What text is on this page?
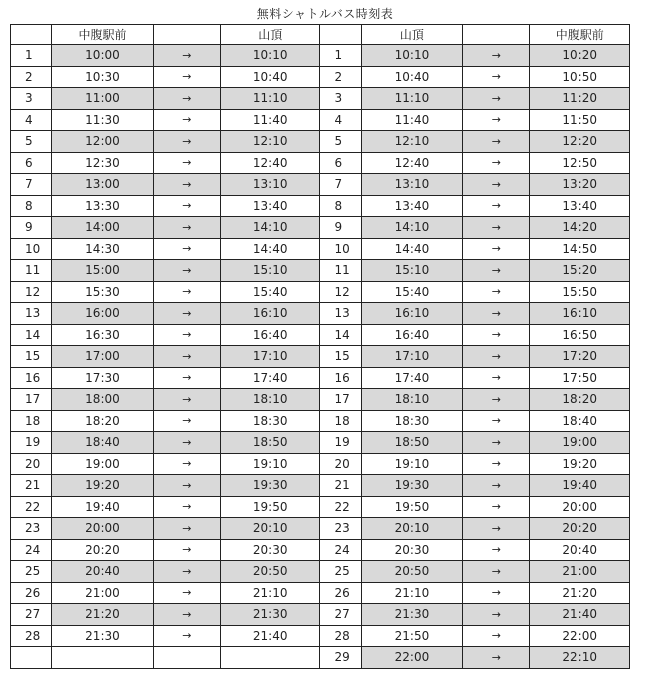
無料シャトルバス時刻表
	中腹駅前		山頂		山頂		中腹駅前
1	10:00	→	10:10	1	10:10	→	10:20
2	10:30	→	10:40	2	10:40	→	10:50
3	11:00	→	11:10	3	11:10	→	11:20
4	11:30	→	11:40	4	11:40	→	11:50
5	12:00	→	12:10	5	12:10	→	12:20
6	12:30	→	12:40	6	12:40	→	12:50
7	13:00	→	13:10	7	13:10	→	13:20
8	13:30	→	13:40	8	13:40	→	13:40
9	14:00	→	14:10	9	14:10	→	14:20
10	14:30	→	14:40	10	14:40	→	14:50
11	15:00	→	15:10	11	15:10	→	15:20
12	15:30	→	15:40	12	15:40	→	15:50
13	16:00	→	16:10	13	16:10	→	16:10
14	16:30	→	16:40	14	16:40	→	16:50
15	17:00	→	17:10	15	17:10	→	17:20
16	17:30	→	17:40	16	17:40	→	17:50
17	18:00	→	18:10	17	18:10	→	18:20
18	18:20	→	18:30	18	18:30	→	18:40
19	18:40	→	18:50	19	18:50	→	19:00
20	19:00	→	19:10	20	19:10	→	19:20
21	19:20	→	19:30	21	19:30	→	19:40
22	19:40	→	19:50	22	19:50	→	20:00
23	20:00	→	20:10	23	20:10	→	20:20
24	20:20	→	20:30	24	20:30	→	20:40
25	20:40	→	20:50	25	20:50	→	21:00
26	21:00	→	21:10	26	21:10	→	21:20
27	21:20	→	21:30	27	21:30	→	21:40
28	21:30	→	21:40	28	21:50	→	22:00
				29	22:00	→	22:10
